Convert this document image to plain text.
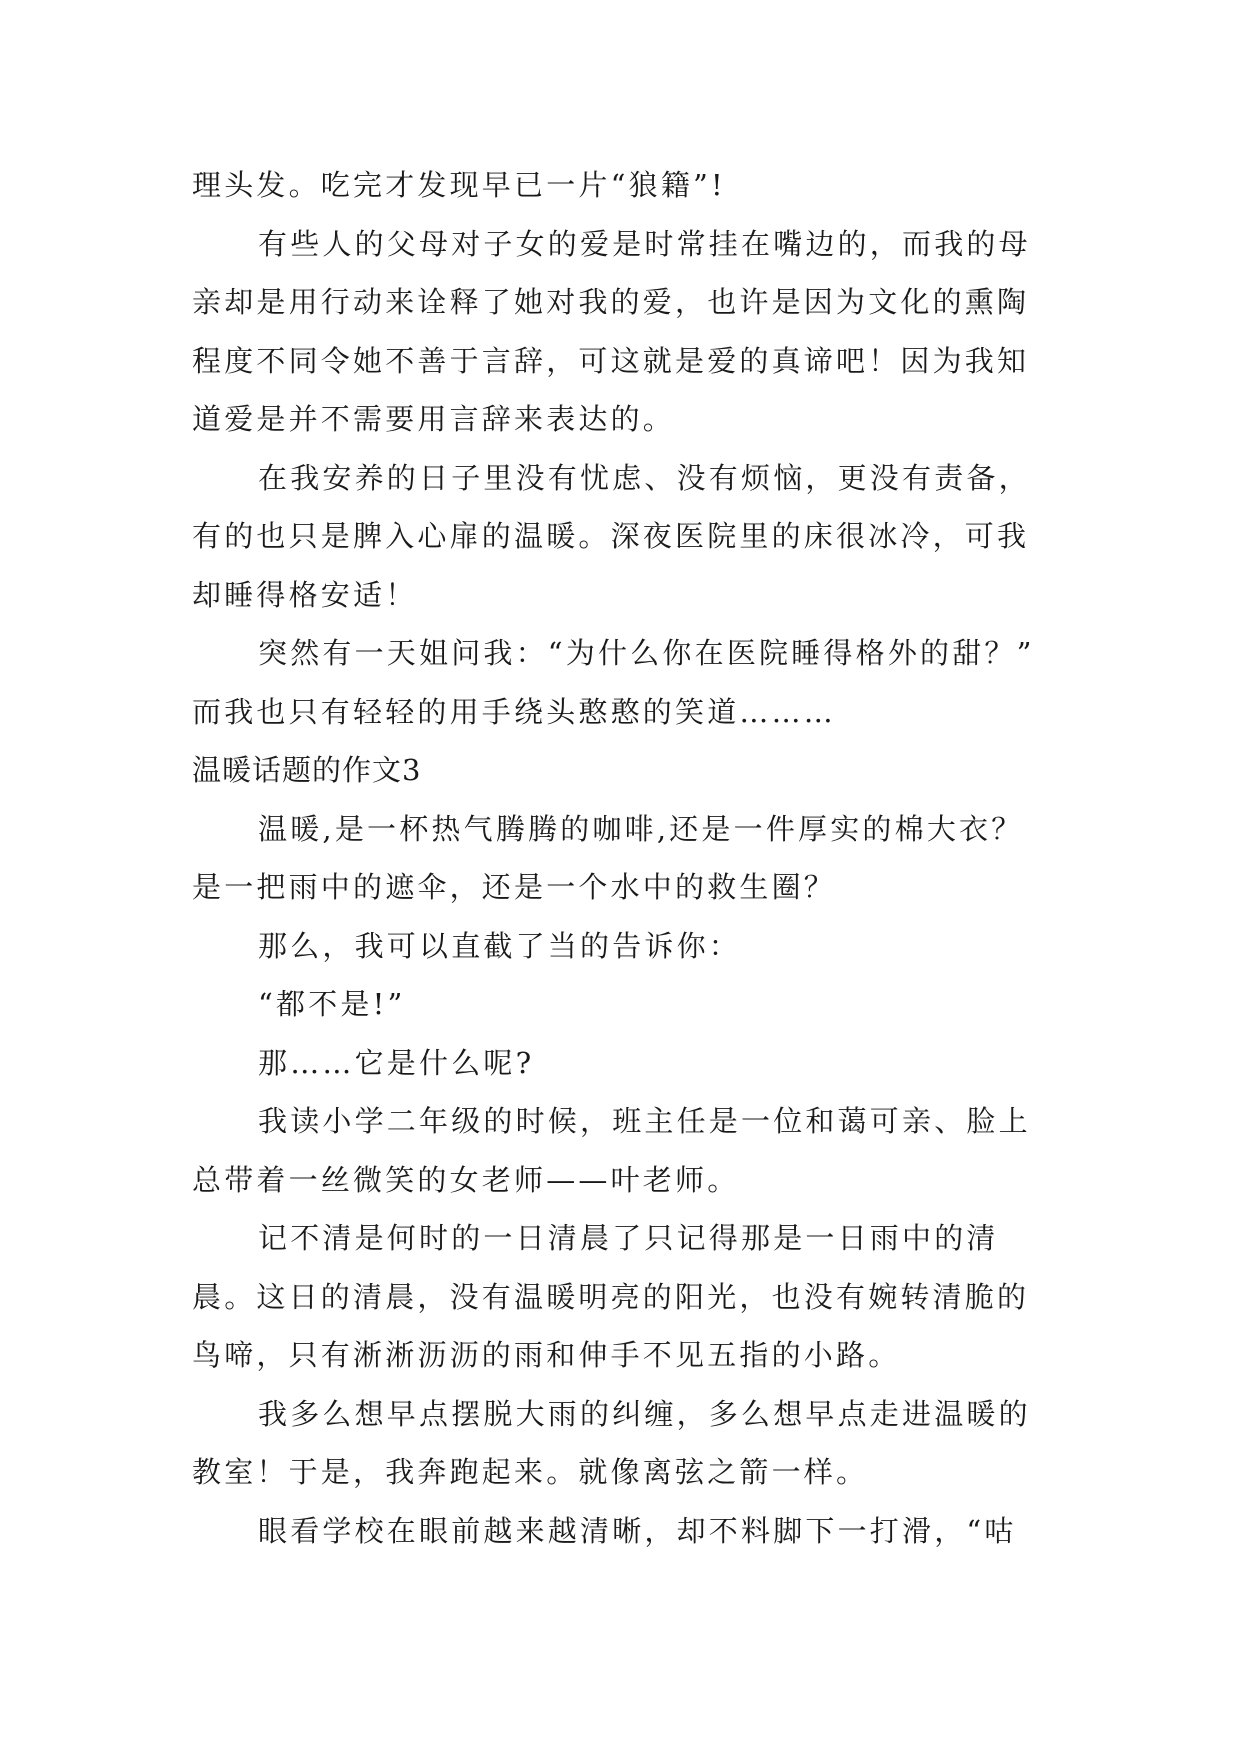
理头发。吃完才发现早已一片“狼籍”!
有些人的父母对子女的爱是时常挂在嘴边的，而我的母
亲却是用行动来诠释了她对我的爱，也许是因为文化的熏陶
程度不同令她不善于言辞，可这就是爱的真谛吧！因为我知
道爱是并不需要用言辞来表达的。
在我安养的日子里没有忧虑、没有烦恼，更没有责备，
有的也只是脾入心扉的温暖。深夜医院里的床很冰冷，可我
却睡得格安适！
突然有一天姐问我：“为什么你在医院睡得格外的甜？”
而我也只有轻轻的用手绕头憨憨的笑道………
温暖话题的作文3
温暖,是一杯热气腾腾的咖啡,还是一件厚实的棉大衣？
是一把雨中的遮伞，还是一个水中的救生圈？
那么，我可以直截了当的告诉你：
“都不是!”
那……它是什么呢?
我读小学二年级的时候，班主任是一位和蔼可亲、脸上
总带着一丝微笑的女老师——叶老师。
记不清是何时的一日清晨了只记得那是一日雨中的清
晨。这日的清晨，没有温暖明亮的阳光，也没有婉转清脆的
鸟啼，只有淅淅沥沥的雨和伸手不见五指的小路。
我多么想早点摆脱大雨的纠缠，多么想早点走进温暖的
教室！于是，我奔跑起来。就像离弦之箭一样。
眼看学校在眼前越来越清晰，却不料脚下一打滑，“咕
